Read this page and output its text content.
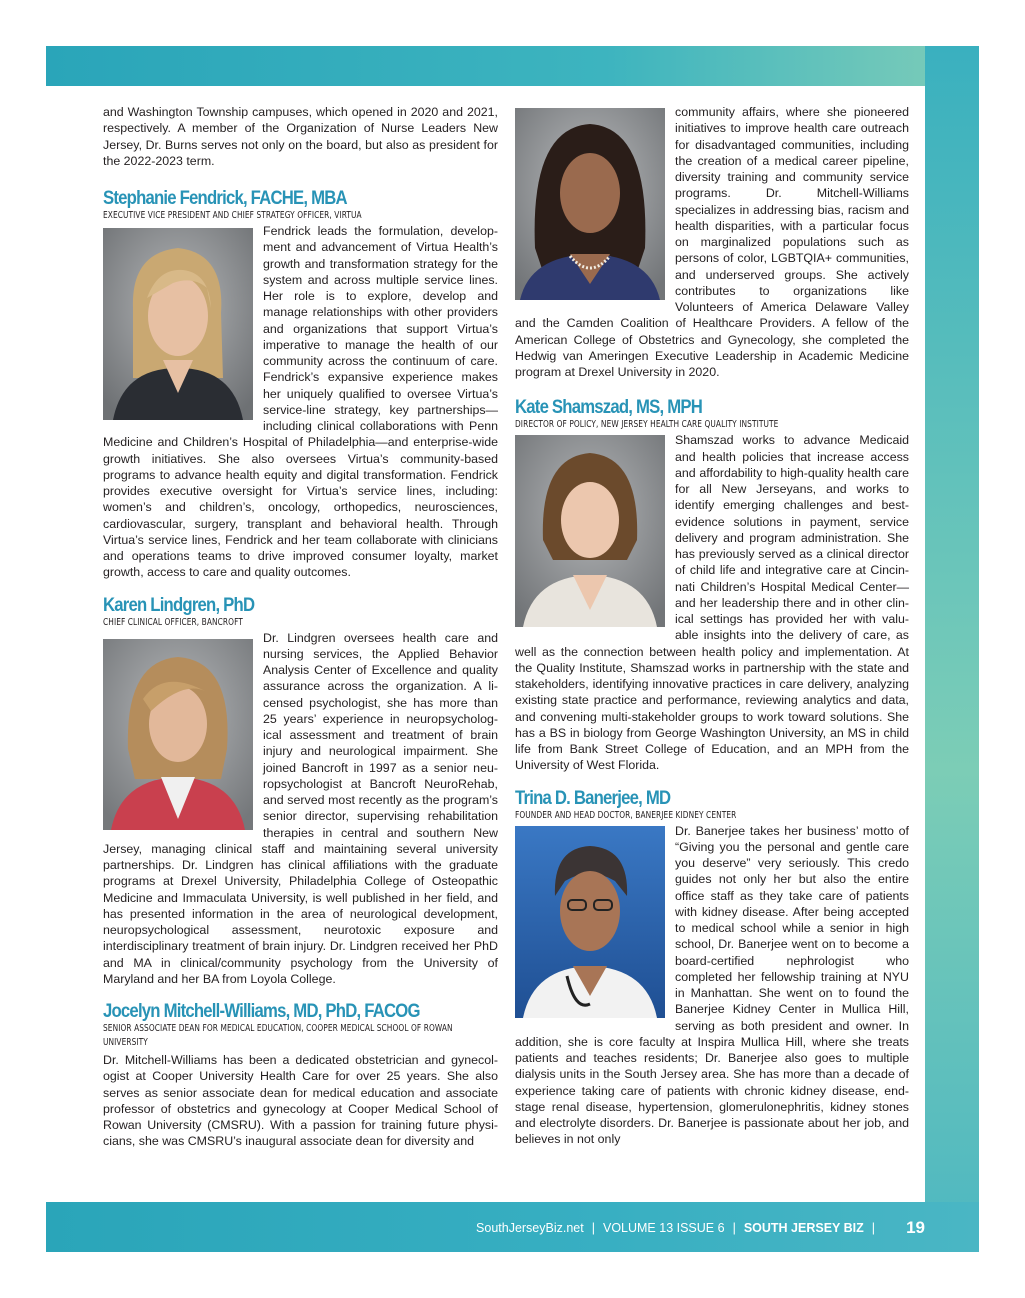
and Washington Township campuses, which opened in 2020 and 2021, respectively. A member of the Organization of Nurse Leaders New Jersey, Dr. Burns serves not only on the board, but also as president for the 2022-2023 term.

Stephanie Fendrick, FACHE, MBA
EXECUTIVE VICE PRESIDENT AND CHIEF STRATEGY OFFICER, VIRTUA

Fendrick leads the formulation, development and advancement of Virtua Health’s growth and transformation strategy for the system and across multiple service lines. Her role is to explore, develop and manage relationships with other providers and organizations that support Virtua’s imperative to manage the health of our community across the continuum of care. Fendrick’s expansive experience makes her uniquely qualified to oversee Virtua’s service-line strategy, key partnerships—including clinical collaborations with Penn Medicine and Children’s Hospital of Philadelphia—and enterprise-wide growth initiatives. She also oversees Virtua’s community-based programs to advance health equity and digital transformation. Fendrick provides executive oversight for Virtua’s service lines, including: women’s and children’s, oncology, orthopedics, neurosciences, cardiovascular, surgery, transplant and behavioral health. Through Virtua’s service lines, Fendrick and her team collaborate with clinicians and operations teams to drive improved consumer loyalty, market growth, access to care and quality outcomes.

Karen Lindgren, PhD
CHIEF CLINICAL OFFICER, BANCROFT

Dr. Lindgren oversees health care and nursing services, the Applied Behavior Analysis Center of Excellence and quality assurance across the organization. A licensed psychologist, she has more than 25 years’ experience in neuropsychological assessment and treatment of brain injury and neurological impairment. She joined Bancroft in 1997 as a senior neuropsychologist at Bancroft NeuroRehab, and served most recently as the program’s senior director, supervising rehabilitation therapies in central and southern New Jersey, managing clinical staff and maintaining several university partnerships. Dr. Lindgren has clinical affiliations with the graduate programs at Drexel University, Philadelphia College of Osteopathic Medicine and Immaculata University, is well published in her field, and has presented information in the area of neurological development, neuropsychological assessment, neurotoxic exposure and interdisciplinary treatment of brain injury. Dr. Lindgren received her PhD and MA in clinical/community psychology from the University of Maryland and her BA from Loyola College.

Jocelyn Mitchell-Williams, MD, PhD, FACOG
SENIOR ASSOCIATE DEAN FOR MEDICAL EDUCATION, COOPER MEDICAL SCHOOL OF ROWAN UNIVERSITY

Dr. Mitchell-Williams has been a dedicated obstetrician and gynecologist at Cooper University Health Care for over 25 years. She also serves as senior associate dean for medical education and associate professor of obstetrics and gynecology at Cooper Medical School of Rowan University (CMSRU). With a passion for training future physicians, she was CMSRU’s inaugural associate dean for diversity and

community affairs, where she pioneered initiatives to improve health care outreach for disadvantaged communities, including the creation of a medical career pipeline, diversity training and community service programs. Dr. Mitchell-Williams specializes in addressing bias, racism and health disparities, with a particular focus on marginalized populations such as persons of color, LGBTQIA+ communities, and underserved groups. She actively contributes to organizations like Volunteers of America Delaware Valley and the Camden Coalition of Healthcare Providers. A fellow of the American College of Obstetrics and Gynecology, she completed the Hedwig van Ameringen Executive Leadership in Academic Medicine program at Drexel University in 2020.

Kate Shamszad, MS, MPH
DIRECTOR OF POLICY, NEW JERSEY HEALTH CARE QUALITY INSTITUTE

Shamszad works to advance Medicaid and health policies that increase access and affordability to high-quality health care for all New Jerseyans, and works to identify emerging challenges and best-evidence solutions in payment, service delivery and program administration. She has previously served as a clinical director of child life and integrative care at Cincinnati Children’s Hospital Medical Center—and her leadership there and in other clinical settings has provided her with valuable insights into the delivery of care, as well as the connection between health policy and implementation. At the Quality Institute, Shamszad works in partnership with the state and stakeholders, identifying innovative practices in care delivery, analyzing existing state practice and performance, reviewing analytics and data, and convening multi-stakeholder groups to work toward solutions. She has a BS in biology from George Washington University, an MS in child life from Bank Street College of Education, and an MPH from the University of West Florida.

Trina D. Banerjee, MD
FOUNDER AND HEAD DOCTOR, BANERJEE KIDNEY CENTER

Dr. Banerjee takes her business’ motto of “Giving you the personal and gentle care you deserve” very seriously. This credo guides not only her but also the entire office staff as they take care of patients with kidney disease. After being accepted to medical school while a senior in high school, Dr. Banerjee went on to become a board-certified nephrologist who completed her fellowship training at NYU in Manhattan. She went on to found the Banerjee Kidney Center in Mullica Hill, serving as both president and owner. In addition, she is core faculty at Inspira Mullica Hill, where she treats patients and teaches residents; Dr. Banerjee also goes to multiple dialysis units in the South Jersey area. She has more than a decade of experience taking care of patients with chronic kidney disease, end-stage renal disease, hypertension, glomerulonephritis, kidney stones and electrolyte disorders. Dr. Banerjee is passionate about her job, and believes in not only

SouthJerseyBiz.net | VOLUME 13 ISSUE 6 | SOUTH JERSEY BIZ |	19
